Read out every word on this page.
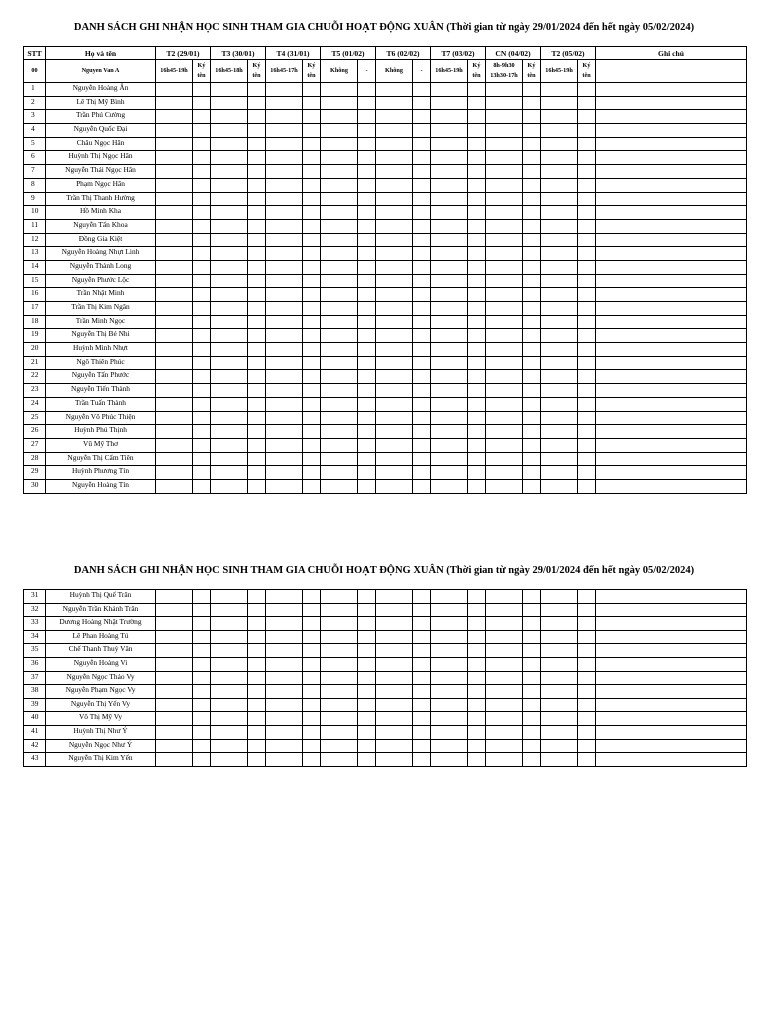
DANH SÁCH GHI NHẬN HỌC SINH THAM GIA CHUỖI HOẠT ĐỘNG XUÂN (Thời gian từ ngày 29/01/2024 đến hết ngày 05/02/2024)
STT	Họ và tên	T2 (29/01)		T3 (30/01)		T4 (31/01)		T5 (01/02)		T6 (02/02)		T7 (03/02)		CN (04/02)		T2 (05/02)		Ghi chú
00	Nguyen Van A	16h45-19h	Ký tên	16h45-18h	Ký tên	16h45-17h	Ký tên	Không	-	Không	-	16h45-19h	Ký tên	8h-9h30 13h30-17h	Ký tên	16h45-19h	Ký tên	
1	Nguyễn Hoàng Ân																	
2	Lê Thị Mỹ Bình																	
3	Trần Phú Cường																	
4	Nguyễn Quốc Đại																	
5	Châu Ngọc Hân																	
6	Huỳnh Thị Ngọc Hân																	
7	Nguyễn Thái Ngọc Hân																	
8	Phạm Ngọc Hân																	
9	Trần Thị Thanh Hường																	
10	Hồ Minh Kha																	
11	Nguyễn Tấn Khoa																	
12	Đồng Gia Kiệt																	
13	Nguyễn Hoàng Nhựt Linh																	
14	Nguyễn Thành Long																	
15	Nguyễn Phước Lộc																	
16	Trần Nhật Minh																	
17	Trần Thị Kim Ngân																	
18	Trần Minh Ngọc																	
19	Nguyễn Thị Bé Nhi																	
20	Huỳnh Minh Nhựt																	
21	Ngô Thiên Phúc																	
22	Nguyễn Tấn Phước																	
23	Nguyễn Tiến Thành																	
24	Trần Tuấn Thành																	
25	Nguyễn Võ Phúc Thiện																	
26	Huỳnh Phú Thịnh																	
27	Vũ Mỹ Thơ																	
28	Nguyễn Thị Cẩm Tiên																	
29	Huỳnh Phương Tín																	
30	Nguyễn Hoàng Tín																	
DANH SÁCH GHI NHẬN HỌC SINH THAM GIA CHUỖI HOẠT ĐỘNG XUÂN (Thời gian từ ngày 29/01/2024 đến hết ngày 05/02/2024)
31	Huỳnh Thị Quế Trân																	
32	Nguyễn Trần Khánh Trân																	
33	Dương Hoàng Nhật Trường																	
34	Lê Phan Hoàng Tú																	
35	Chế Thanh Thuỳ Vân																	
36	Nguyễn Hoàng Vi																	
37	Nguyễn Ngọc Thảo Vy																	
38	Nguyễn Phạm Ngọc Vy																	
39	Nguyễn Thị Yến Vy																	
40	Võ Thị Mỹ Vy																	
41	Huỳnh Thị Như Ý																	
42	Nguyễn Ngọc Như Ý																	
43	Nguyễn Thị Kim Yến																	
